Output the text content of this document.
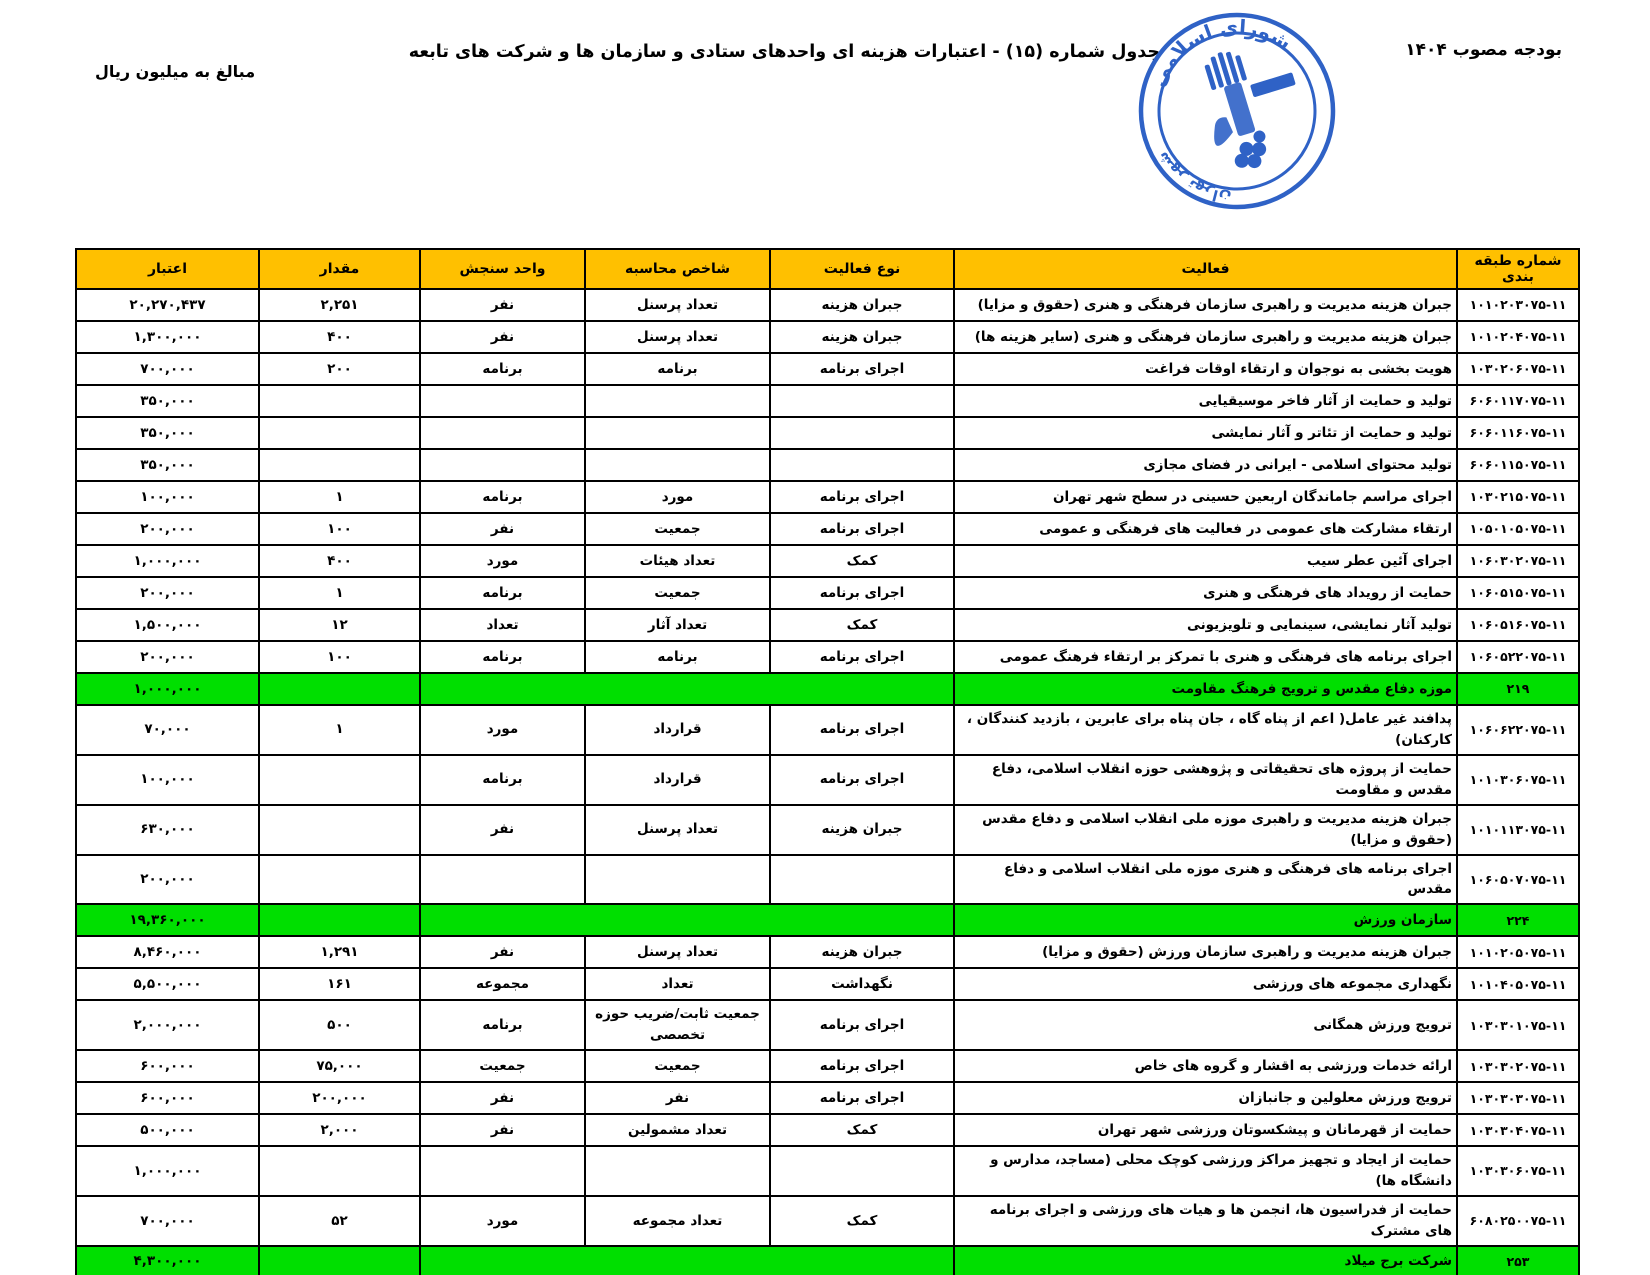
بودجه مصوب ۱۴۰۴
جدول شماره (۱۵) - اعتبارات هزینه ای واحدهای ستادی و سازمان ها و شرکت های تابعه
مبالغ به میلیون ریال	شورای اسلامی
شهر تهران
شماره طبقه بندی	فعالیت	نوع فعالیت	شاخص محاسبه	واحد سنجش	مقدار	اعتبار
۱۰۱۰۲۰۳۰۷۵-۱۱	جبران هزینه مدیریت و راهبری سازمان فرهنگی و هنری (حقوق و مزایا)	جبران هزینه	تعداد پرسنل	نفر	۲,۲۵۱	۲۰,۲۷۰,۴۳۷
۱۰۱۰۲۰۴۰۷۵-۱۱	جبران هزینه مدیریت و راهبری سازمان فرهنگی و هنری (سایر هزینه ها)	جبران هزینه	تعداد پرسنل	نفر	۴۰۰	۱,۳۰۰,۰۰۰
۱۰۳۰۲۰۶۰۷۵-۱۱	هویت بخشی به نوجوان و ارتقاء اوقات فراغت	اجرای برنامه	برنامه	برنامه	۲۰۰	۷۰۰,۰۰۰
۶۰۶۰۱۱۷۰۷۵-۱۱	تولید و حمایت از آثار فاخر موسیقیایی					۳۵۰,۰۰۰
۶۰۶۰۱۱۶۰۷۵-۱۱	تولید و حمایت از تئاتر و آثار نمایشی					۳۵۰,۰۰۰
۶۰۶۰۱۱۵۰۷۵-۱۱	تولید محتوای اسلامی - ایرانی در فضای مجازی					۳۵۰,۰۰۰
۱۰۳۰۲۱۵۰۷۵-۱۱	اجرای مراسم جاماندگان اربعین حسینی در سطح شهر تهران	اجرای برنامه	مورد	برنامه	۱	۱۰۰,۰۰۰
۱۰۵۰۱۰۵۰۷۵-۱۱	ارتقاء مشارکت های عمومی در فعالیت های فرهنگی و عمومی	اجرای برنامه	جمعیت	نفر	۱۰۰	۲۰۰,۰۰۰
۱۰۶۰۳۰۲۰۷۵-۱۱	اجرای آئین عطر سیب	کمک	تعداد هیئات	مورد	۴۰۰	۱,۰۰۰,۰۰۰
۱۰۶۰۵۱۵۰۷۵-۱۱	حمایت از رویداد های فرهنگی و هنری	اجرای برنامه	جمعیت	برنامه	۱	۲۰۰,۰۰۰
۱۰۶۰۵۱۶۰۷۵-۱۱	تولید آثار نمایشی، سینمایی و تلویزیونی	کمک	تعداد آثار	تعداد	۱۲	۱,۵۰۰,۰۰۰
۱۰۶۰۵۲۲۰۷۵-۱۱	اجرای برنامه های فرهنگی و هنری با تمرکز بر ارتقاء فرهنگ عمومی	اجرای برنامه	برنامه	برنامه	۱۰۰	۲۰۰,۰۰۰
۲۱۹	موزه دفاع مقدس و ترویج فرهنگ مقاومت					۱,۰۰۰,۰۰۰
۱۰۶۰۶۲۲۰۷۵-۱۱	پدافند غیر عامل( اعم از پناه گاه ، جان پناه برای عابرین ، بازدید کنندگان ، کارکنان)	اجرای برنامه	قرارداد	مورد	۱	۷۰,۰۰۰
۱۰۱۰۳۰۶۰۷۵-۱۱	حمایت از پروژه های تحقیقاتی و پژوهشی حوزه انقلاب اسلامی، دفاع مقدس و مقاومت	اجرای برنامه	قرارداد	برنامه		۱۰۰,۰۰۰
۱۰۱۰۱۱۳۰۷۵-۱۱	جبران هزینه مدیریت و راهبری موزه ملی انقلاب اسلامی و دفاع مقدس (حقوق و مزایا)	جبران هزینه	تعداد پرسنل	نفر		۶۳۰,۰۰۰
۱۰۶۰۵۰۷۰۷۵-۱۱	اجرای برنامه های فرهنگی و هنری موزه ملی انقلاب اسلامی و دفاع مقدس					۲۰۰,۰۰۰
۲۲۴	سازمان ورزش					۱۹,۳۶۰,۰۰۰
۱۰۱۰۲۰۵۰۷۵-۱۱	جبران هزینه مدیریت و راهبری سازمان ورزش (حقوق و مزایا)	جبران هزینه	تعداد پرسنل	نفر	۱,۲۹۱	۸,۴۶۰,۰۰۰
۱۰۱۰۴۰۵۰۷۵-۱۱	نگهداری مجموعه های ورزشی	نگهداشت	تعداد	مجموعه	۱۶۱	۵,۵۰۰,۰۰۰
۱۰۳۰۳۰۱۰۷۵-۱۱	ترویج ورزش همگانی	اجرای برنامه	جمعیت ثابت/ضریب حوزه تخصصی	برنامه	۵۰۰	۲,۰۰۰,۰۰۰
۱۰۳۰۳۰۲۰۷۵-۱۱	ارائه خدمات ورزشی به اقشار و گروه های خاص	اجرای برنامه	جمعیت	جمعیت	۷۵,۰۰۰	۶۰۰,۰۰۰
۱۰۳۰۳۰۳۰۷۵-۱۱	ترویج ورزش معلولین و جانبازان	اجرای برنامه	نفر	نفر	۲۰۰,۰۰۰	۶۰۰,۰۰۰
۱۰۳۰۳۰۴۰۷۵-۱۱	حمایت از قهرمانان و پیشکسوتان ورزشی شهر تهران	کمک	تعداد مشمولین	نفر	۲,۰۰۰	۵۰۰,۰۰۰
۱۰۳۰۳۰۶۰۷۵-۱۱	حمایت از ایجاد و تجهیز مراکز ورزشی کوچک محلی (مساجد، مدارس و دانشگاه ها)					۱,۰۰۰,۰۰۰
۶۰۸۰۲۵۰۰۷۵-۱۱	حمایت از فدراسیون ها، انجمن ها و هیات های ورزشی و اجرای برنامه های مشترک	کمک	تعداد مجموعه	مورد	۵۲	۷۰۰,۰۰۰
۲۵۳	شرکت برج میلاد					۴,۳۰۰,۰۰۰
